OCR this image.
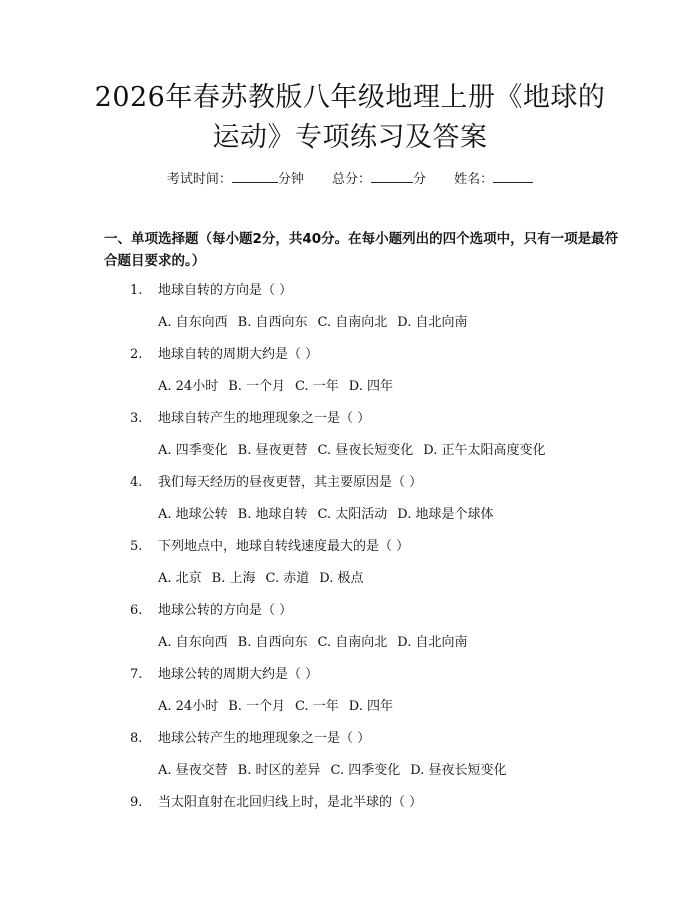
2026年春苏教版八年级地理上册《地球的运动》专项练习及答案
考试时间：	分钟 总分：	分 姓名：
一、单项选择题（每小题2分，共40分。在每小题列出的四个选项中，只有一项是最符合题目要求的。）
1.	地球自转的方向是（ ）
A. 自东向西 B. 自西向东 C. 自南向北 D. 自北向南
2.	地球自转的周期大约是（ ）
A. 24小时 B. 一个月 C. 一年 D. 四年
3.	地球自转产生的地理现象之一是（ ）
A. 四季变化 B. 昼夜更替 C. 昼夜长短变化 D. 正午太阳高度变化
4.	我们每天经历的昼夜更替，其主要原因是（ ）
A. 地球公转 B. 地球自转 C. 太阳活动 D. 地球是个球体
5.	下列地点中，地球自转线速度最大的是（ ）
A. 北京 B. 上海 C. 赤道 D. 极点
6.	地球公转的方向是（ ）
A. 自东向西 B. 自西向东 C. 自南向北 D. 自北向南
7.	地球公转的周期大约是（ ）
A. 24小时 B. 一个月 C. 一年 D. 四年
8.	地球公转产生的地理现象之一是（ ）
A. 昼夜交替 B. 时区的差异 C. 四季变化 D. 昼夜长短变化
9.	当太阳直射在北回归线上时，是北半球的（ ）
